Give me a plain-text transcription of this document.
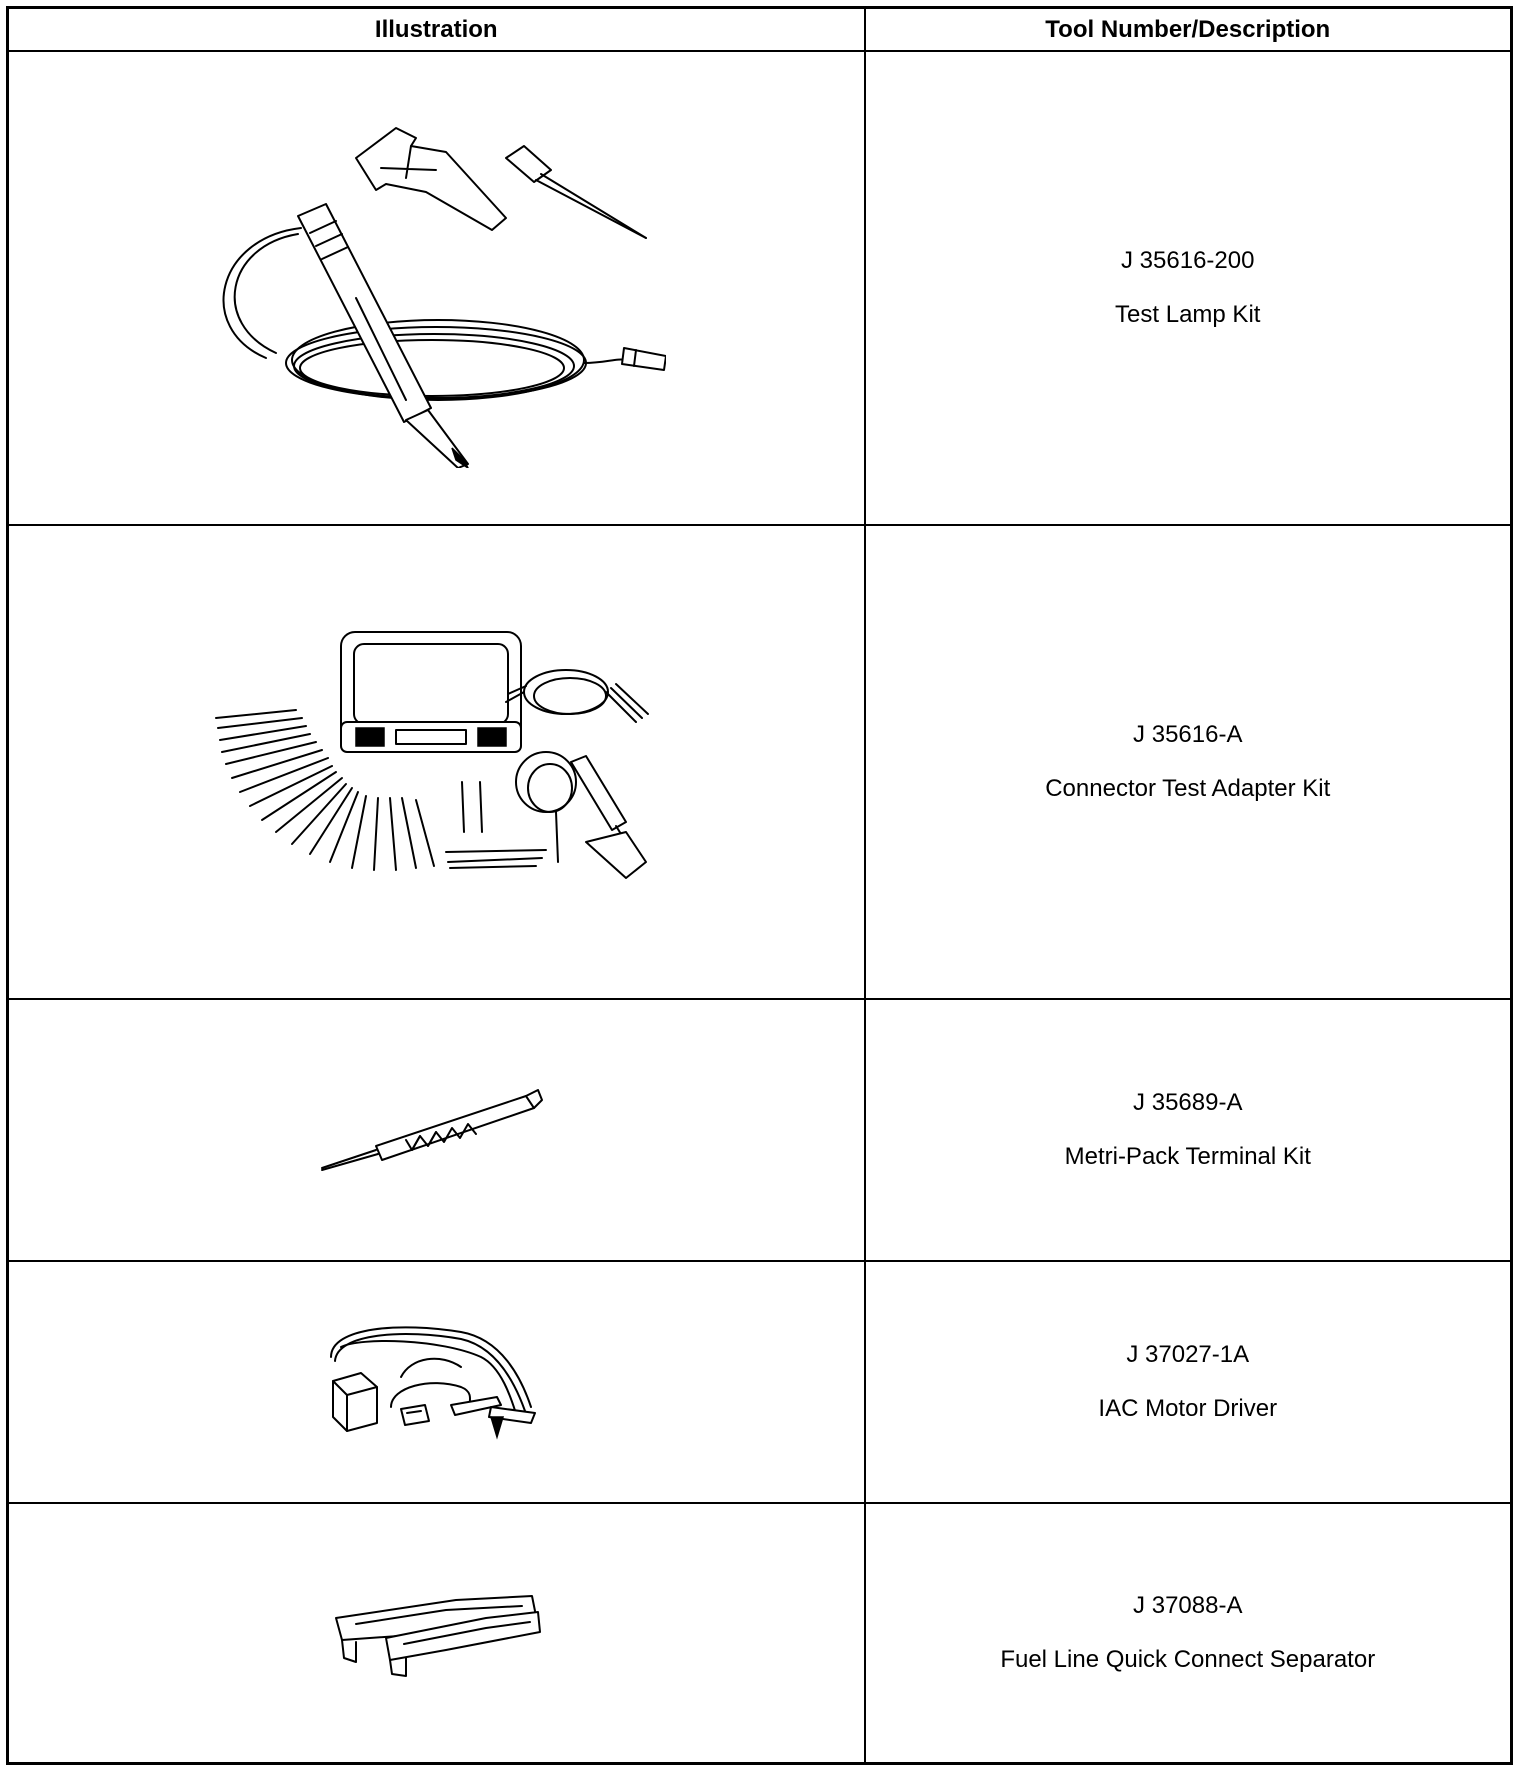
Illustration	Tool Number/Description

J 35616-200
Test Lamp Kit

J 35616-A
Connector Test Adapter Kit

J 35689-A
Metri-Pack Terminal Kit

J 37027-1A
IAC Motor Driver

J 37088-A
Fuel Line Quick Connect Separator
